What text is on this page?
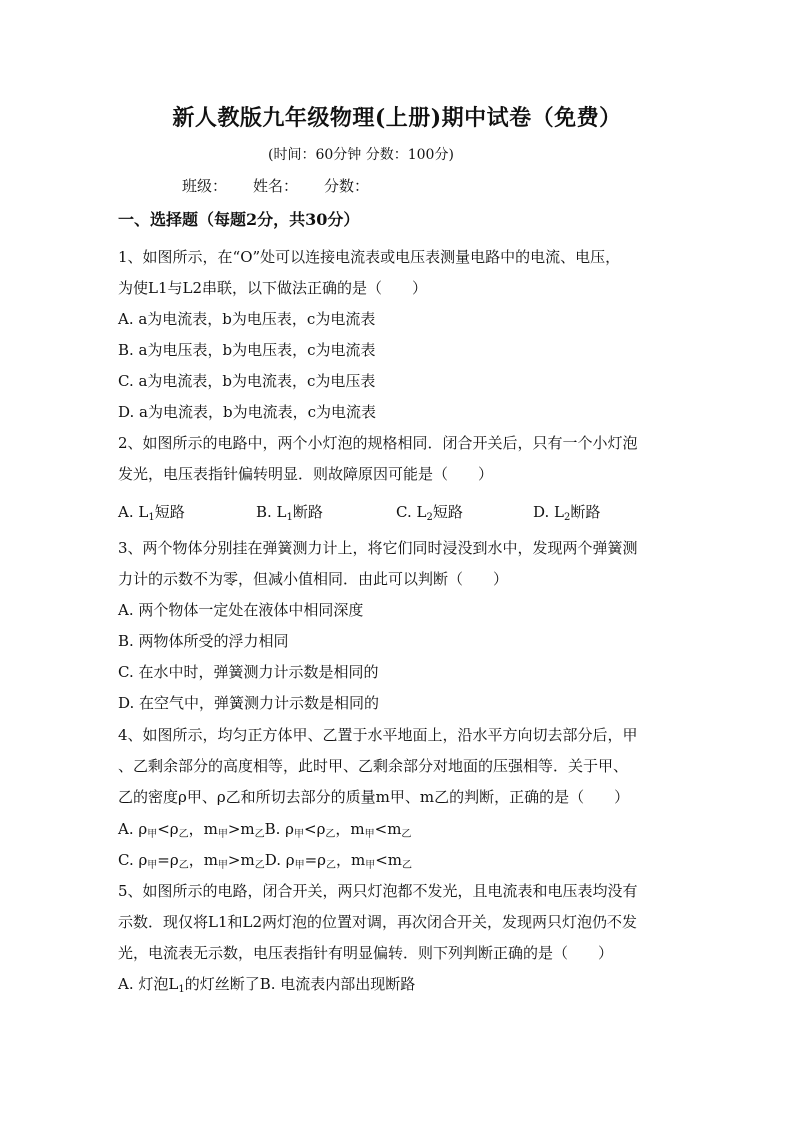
新人教版九年级物理(上册)期中试卷（免费）
(时间：60分钟 分数：100分)
班级： 姓名： 分数：
一、选择题（每题2分，共30分）
1、如图所示，在“O”处可以连接电流表或电压表测量电路中的电流、电压，
为使L1与L2串联，以下做法正确的是（　　）
A. a为电流表，b为电压表，c为电流表
B. a为电压表，b为电压表，c为电流表
C. a为电流表，b为电流表，c为电压表
D. a为电流表，b为电流表，c为电流表
2、如图所示的电路中，两个小灯泡的规格相同．闭合开关后，只有一个小灯泡
发光，电压表指针偏转明显．则故障原因可能是（　　）
A. $L_1$短路	B. $L_1$断路	C. $L_2$短路	D. $L_2$断路
3、两个物体分别挂在弹簧测力计上，将它们同时浸没到水中，发现两个弹簧测
力计的示数不为零，但减小值相同．由此可以判断（　　）
A. 两个物体一定处在液体中相同深度
B. 两物体所受的浮力相同
C. 在水中时，弹簧测力计示数是相同的
D. 在空气中，弹簧测力计示数是相同的
4、如图所示，均匀正方体甲、乙置于水平地面上，沿水平方向切去部分后，甲
、乙剩余部分的高度相等，此时甲、乙剩余部分对地面的压强相等．关于甲、
乙的密度ρ甲、ρ乙和所切去部分的质量m甲、m乙的判断，正确的是（　　）
A. $\rho_甲<\rho_乙$，$m_甲>m_乙B$. $\rho_甲<\rho_乙$，$m_甲<m_乙$
C. $\rho_甲=\rho_乙$，$m_甲>m_乙D$. $\rho_甲=\rho_乙$，$m_甲<m_乙$
5、如图所示的电路，闭合开关，两只灯泡都不发光，且电流表和电压表均没有
示数．现仅将L1和L2两灯泡的位置对调，再次闭合开关，发现两只灯泡仍不发
光，电流表无示数，电压表指针有明显偏转．则下列判断正确的是（　　）
A. 灯泡$L_1$的灯丝断了B. 电流表内部出现断路
